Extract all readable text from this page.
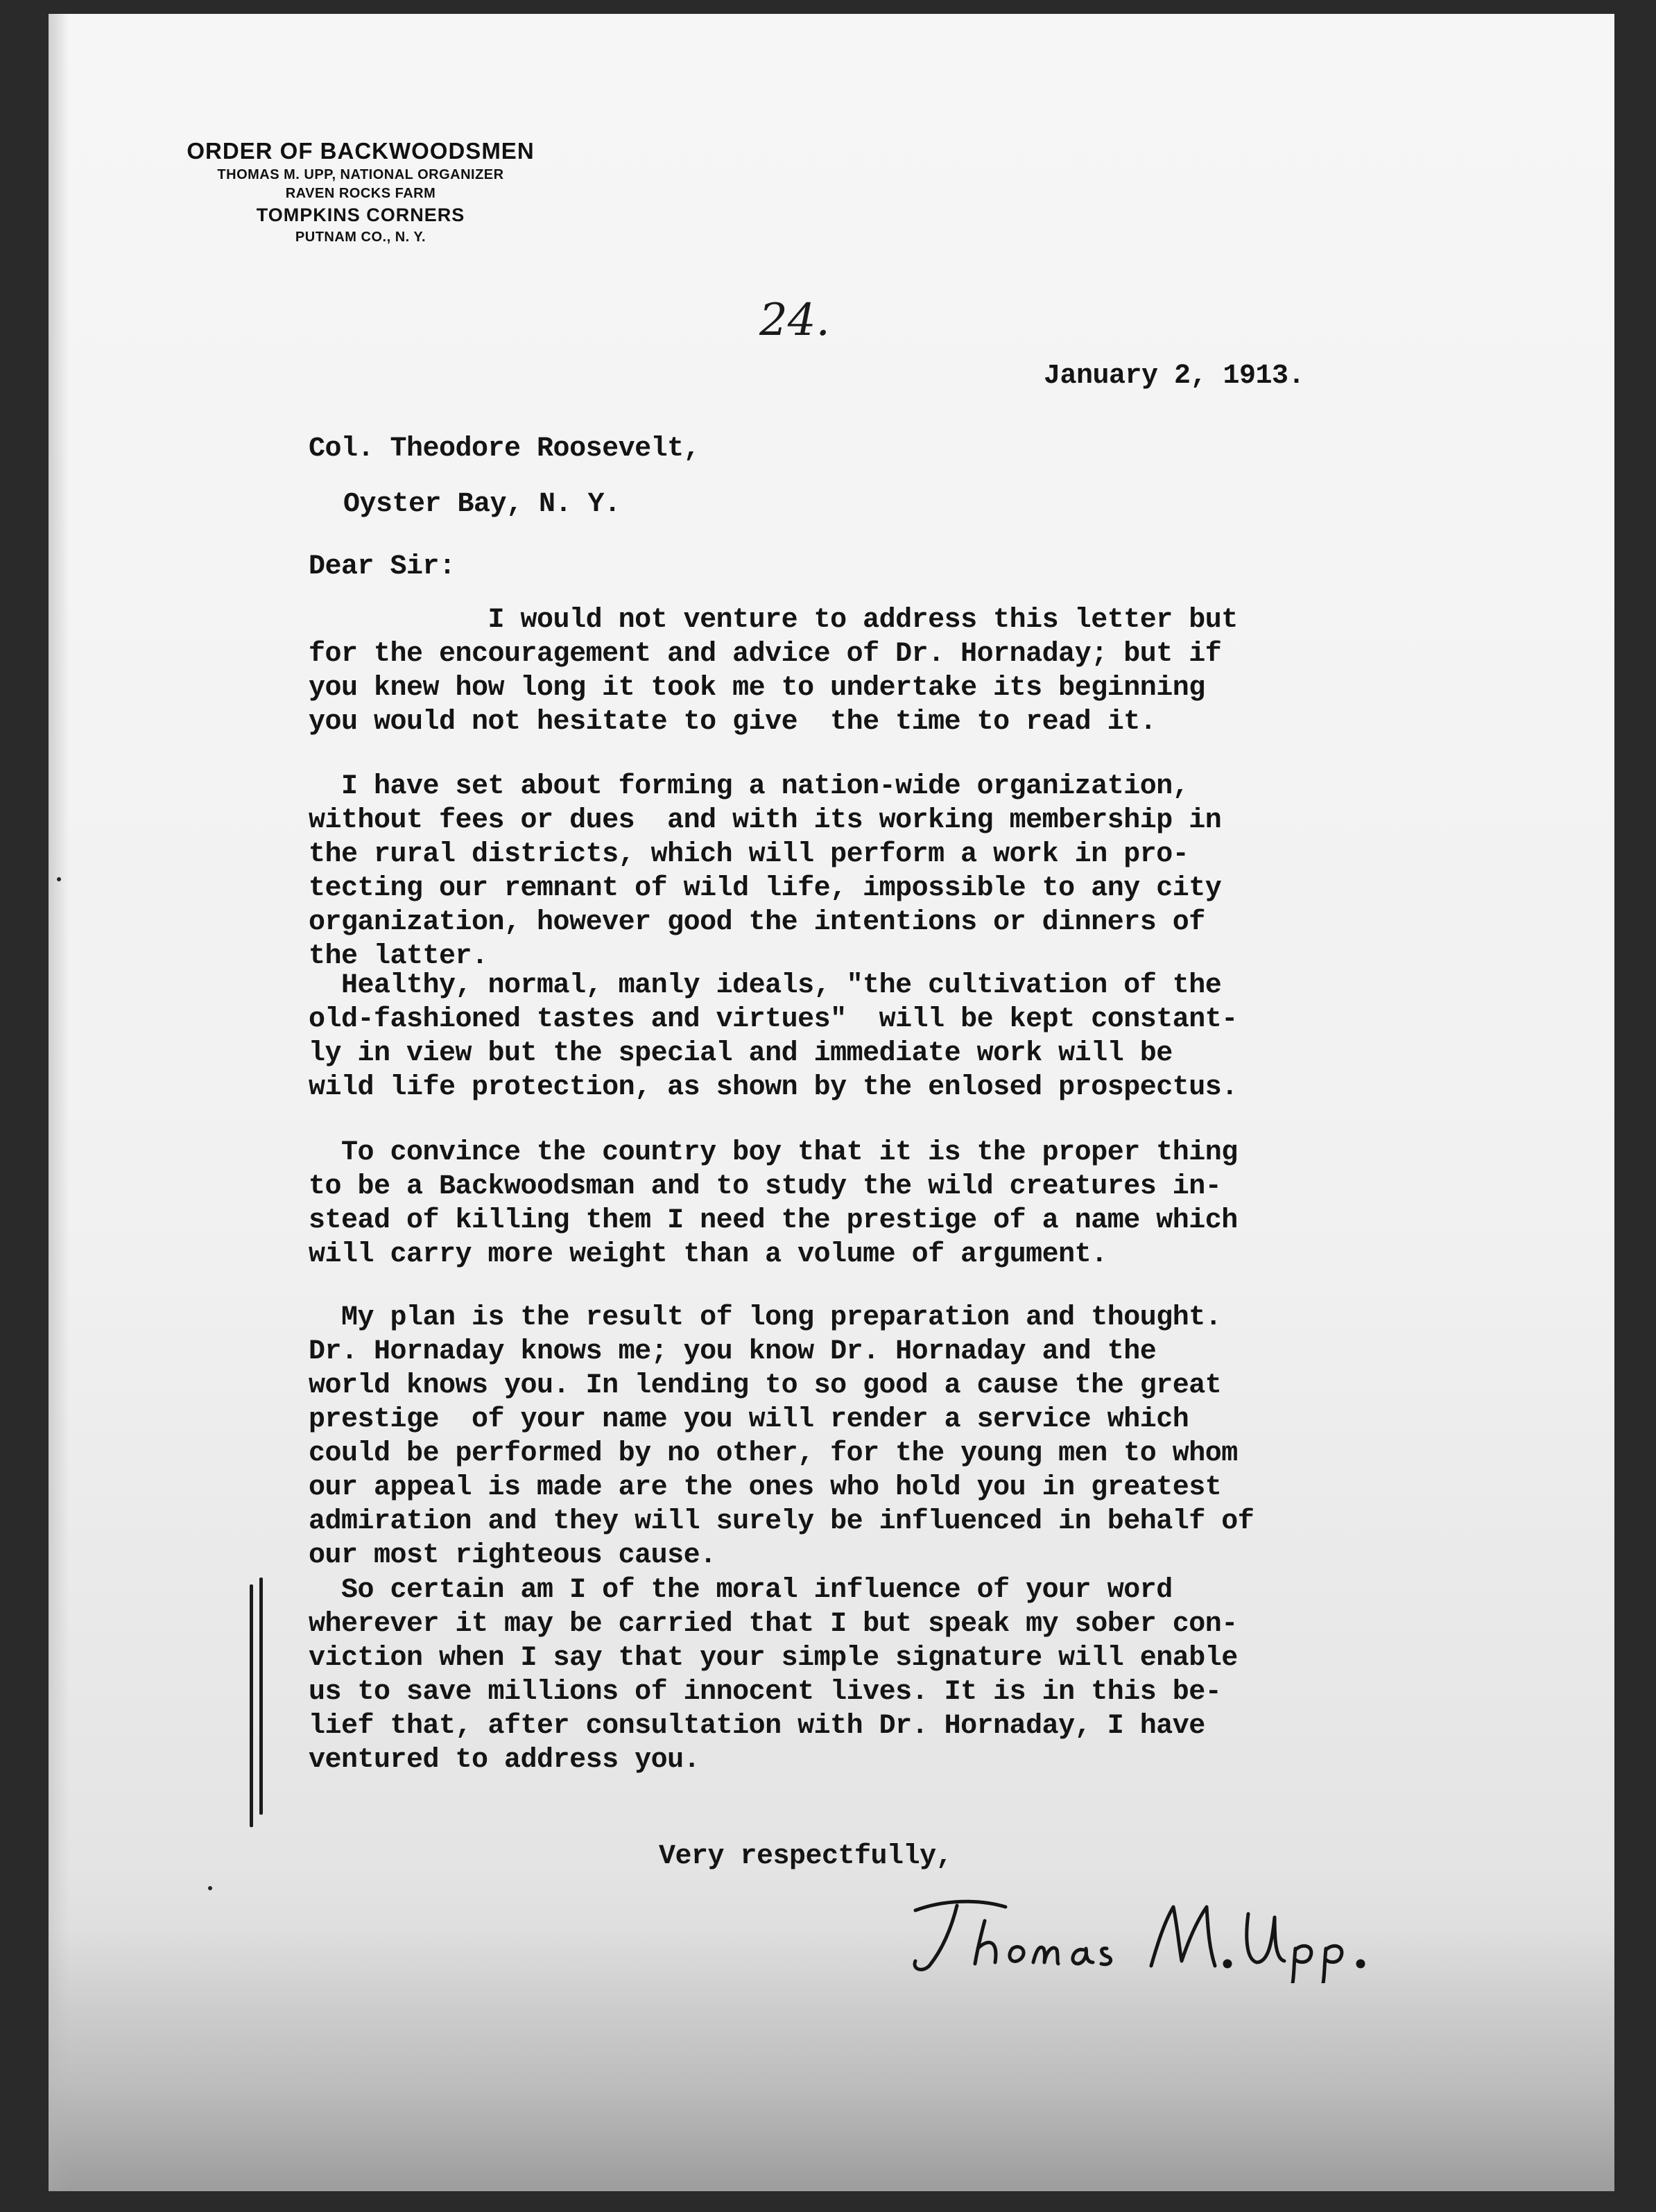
ORDER OF BACKWOODSMEN
THOMAS M. UPP, NATIONAL ORGANIZER
RAVEN ROCKS FARM
TOMPKINS CORNERS
PUTNAM CO., N. Y.
24.
January 2, 1913.
Col. Theodore Roosevelt,
Oyster Bay, N. Y.
Dear Sir:
I would not venture to address this letter but
for the encouragement and advice of Dr. Hornaday; but if
you knew how long it took me to undertake its beginning
you would not hesitate to give  the time to read it.
I have set about forming a nation-wide organization,
without fees or dues  and with its working membership in
the rural districts, which will perform a work in pro-
tecting our remnant of wild life, impossible to any city
organization, however good the intentions or dinners of
the latter.
Healthy, normal, manly ideals, "the cultivation of the
old-fashioned tastes and virtues"  will be kept constant-
ly in view but the special and immediate work will be
wild life protection, as shown by the enlosed prospectus.
To convince the country boy that it is the proper thing
to be a Backwoodsman and to study the wild creatures in-
stead of killing them I need the prestige of a name which
will carry more weight than a volume of argument.
My plan is the result of long preparation and thought.
Dr. Hornaday knows me; you know Dr. Hornaday and the
world knows you. In lending to so good a cause the great
prestige  of your name you will render a service which
could be performed by no other, for the young men to whom
our appeal is made are the ones who hold you in greatest
admiration and they will surely be influenced in behalf of
our most righteous cause.
So certain am I of the moral influence of your word
wherever it may be carried that I but speak my sober con-
viction when I say that your simple signature will enable
us to save millions of innocent lives. It is in this be-
lief that, after consultation with Dr. Hornaday, I have
ventured to address you.
Very respectfully,
